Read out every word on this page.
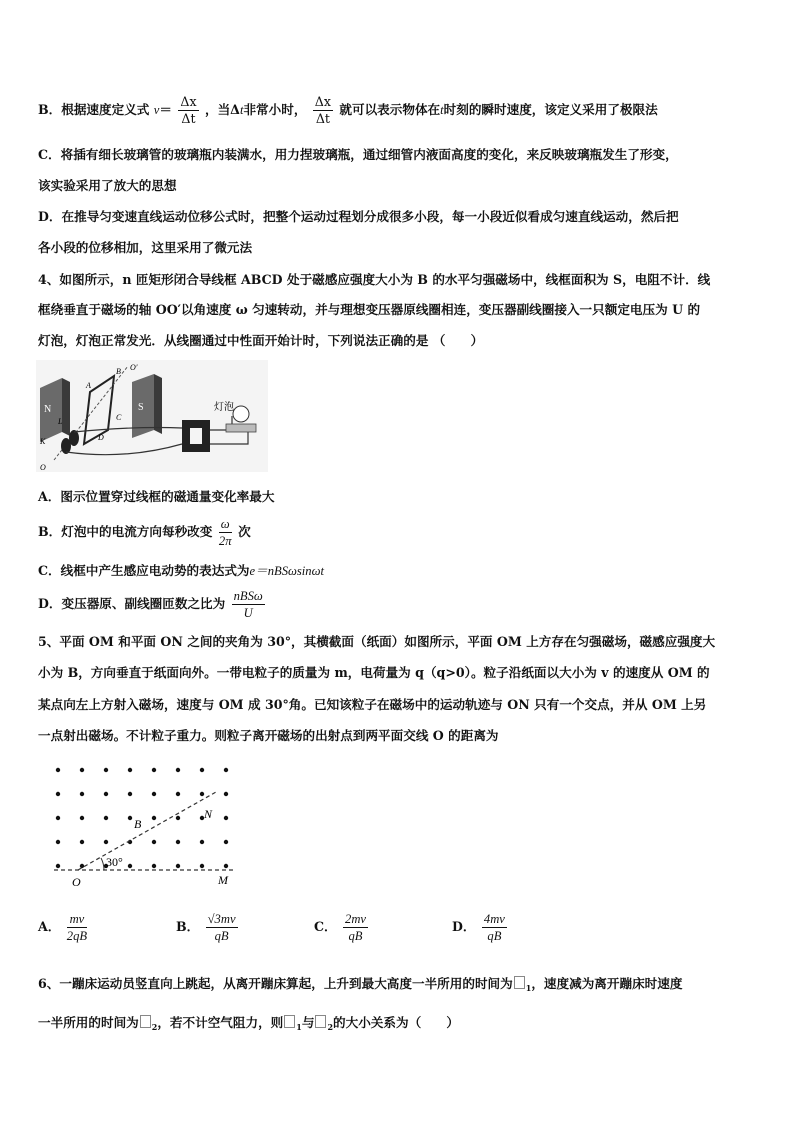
B．根据速度定义式 $v= \frac{\Delta x}{\Delta t}$ ，当Δt非常小时， $\frac{\Delta x}{\Delta t}$ 就可以表示物体在t时刻的瞬时速度，该定义采用了极限法
C．将插有细长玻璃管的玻璃瓶内装满水，用力捏玻璃瓶，通过细管内液面高度的变化，来反映玻璃瓶发生了形变，
该实验采用了放大的思想
D．在推导匀变速直线运动位移公式时，把整个运动过程划分成很多小段，每一小段近似看成匀速直线运动，然后把
各小段的位移相加，这里采用了微元法
4、如图所示，n 匝矩形闭合导线框 ABCD 处于磁感应强度大小为 B 的水平匀强磁场中，线框面积为 S，电阻不计．线
框绕垂直于磁场的轴 OO′以角速度 ω 匀速转动，并与理想变压器原线圈相连，变压器副线圈接入一只额定电压为 U 的
灯泡，灯泡正常发光．从线圈通过中性面开始计时，下列说法正确的是 （　　）
灯泡
N	S
A
B
C
D
O′
K
L
O
A．图示位置穿过线框的磁通量变化率最大
B．灯泡中的电流方向每秒改变 $\frac{\omega}{2\pi}$ 次
C．线框中产生感应电动势的表达式为e＝nBSωsinωt
D．变压器原、副线圈匝数之比为 $\frac{\text{nBSω}}{U}$
5、平面 OM 和平面 ON 之间的夹角为 30°，其横截面（纸面）如图所示，平面 OM 上方存在匀强磁场，磁感应强度大
小为 B，方向垂直于纸面向外。一带电粒子的质量为 m，电荷量为 q（q>0）。粒子沿纸面以大小为 v 的速度从 OM 的
某点向左上方射入磁场，速度与 OM 成 30°角。已知该粒子在磁场中的运动轨迹与 ON 只有一个交点，并从 OM 上另
一点射出磁场。不计粒子重力。则粒子离开磁场的出射点到两平面交线 O 的距离为
30°
B
N
O	M
A． $\frac{mv}{2qB}$	B． $\frac{√3mv}{qB}$	C． $\frac{2mv}{qB}$	D． $\frac{4mv}{qB}$
6、一蹦床运动员竖直向上跳起，从离开蹦床算起，上升到最大高度一半所用的时间为 $_1$，速度减为离开蹦床时速度
一半所用的时间为 $_2$，若不计空气阻力，则 $_1$与 $_2$的大小关系为（　　）
